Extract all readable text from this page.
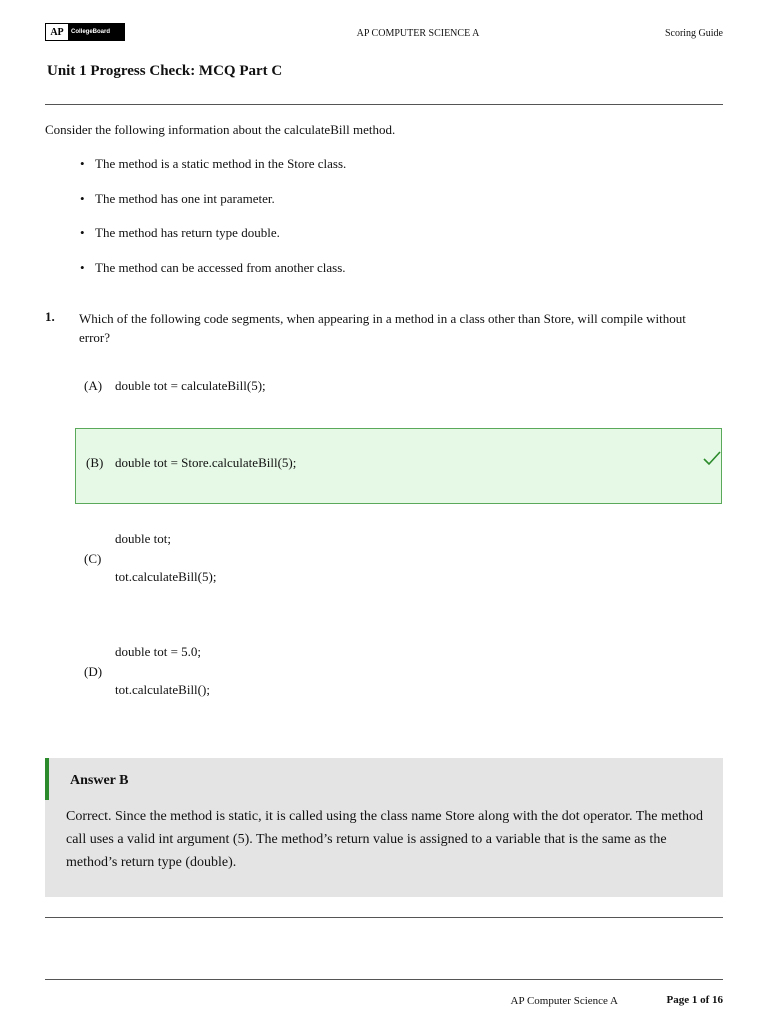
AP	CollegeBoard	AP COMPUTER SCIENCE A	Scoring Guide
Unit 1 Progress Check: MCQ Part C
Consider the following information about the calculateBill method.
• The method is a static method in the Store class.
• The method has one int parameter.
• The method has return type double.
• The method can be accessed from another class.
1. Which of the following code segments, when appearing in a method in a class other than Store, will compile without error?
(A) double tot = calculateBill(5);
(B) double tot = Store.calculateBill(5);
(C)
double tot;
tot.calculateBill(5);
(D)
double tot = 5.0;
tot.calculateBill();
Answer B
Correct. Since the method is static, it is called using the class name Store along with the dot operator. The method call uses a valid int argument (5). The method’s return value is assigned to a variable that is the same as the method’s return type (double).
AP Computer Science A	Page 1 of 16
